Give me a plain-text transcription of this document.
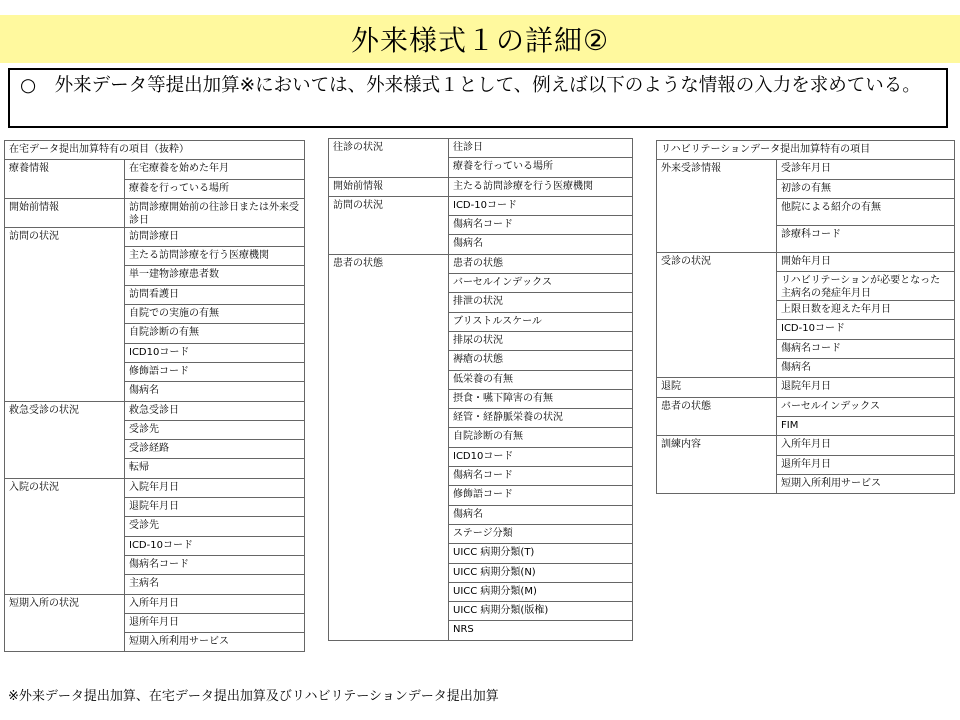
外来様式１の詳細②
○　外来データ等提出加算※においては、外来様式１として、例えば以下のような情報の入力を求めている。
在宅データ提出加算特有の項目（抜粋）	
療養情報	在宅療養を始めた年月
	療養を行っている場所
開始前情報	訪問診療開始前の往診日または外来受診日
訪問の状況	訪問診療日
	主たる訪問診療を行う医療機関
	単一建物診療患者数
	訪問看護日
	自院での実施の有無
	自院診断の有無
	ICD10コード
	修飾語コード
	傷病名
救急受診の状況	救急受診日
	受診先
	受診経路
	転帰
入院の状況	入院年月日
	退院年月日
	受診先
	ICD-10コード
	傷病名コード
	主病名
短期入所の状況	入所年月日
	退所年月日
	短期入所利用サービス
往診の状況	往診日
	療養を行っている場所
開始前情報	主たる訪問診療を行う医療機関
訪問の状況	ICD-10コード
	傷病名コード
	傷病名
患者の状態	患者の状態
	バーセルインデックス
	排泄の状況
	ブリストルスケール
	排尿の状況
	褥瘡の状態
	低栄養の有無
	摂食・嚥下障害の有無
	経管・経静脈栄養の状況
	自院診断の有無
	ICD10コード
	傷病名コード
	修飾語コード
	傷病名
	ステージ分類
	UICC 病期分類(T)
	UICC 病期分類(N)
	UICC 病期分類(M)
	UICC 病期分類(版権)
	NRS
リハビリテーションデータ提出加算特有の項目	
外来受診情報	受診年月日
	初診の有無
	他院による紹介の有無
	診療科コード
受診の状況	開始年月日
	リハビリテーションが必要となった主病名の発症年月日
	上限日数を迎えた年月日
	ICD-10コード
	傷病名コード
	傷病名
退院	退院年月日
患者の状態	バーセルインデックス
	FIM
訓練内容	入所年月日
	退所年月日
	短期入所利用サービス
※外来データ提出加算、在宅データ提出加算及びリハビリテーションデータ提出加算
